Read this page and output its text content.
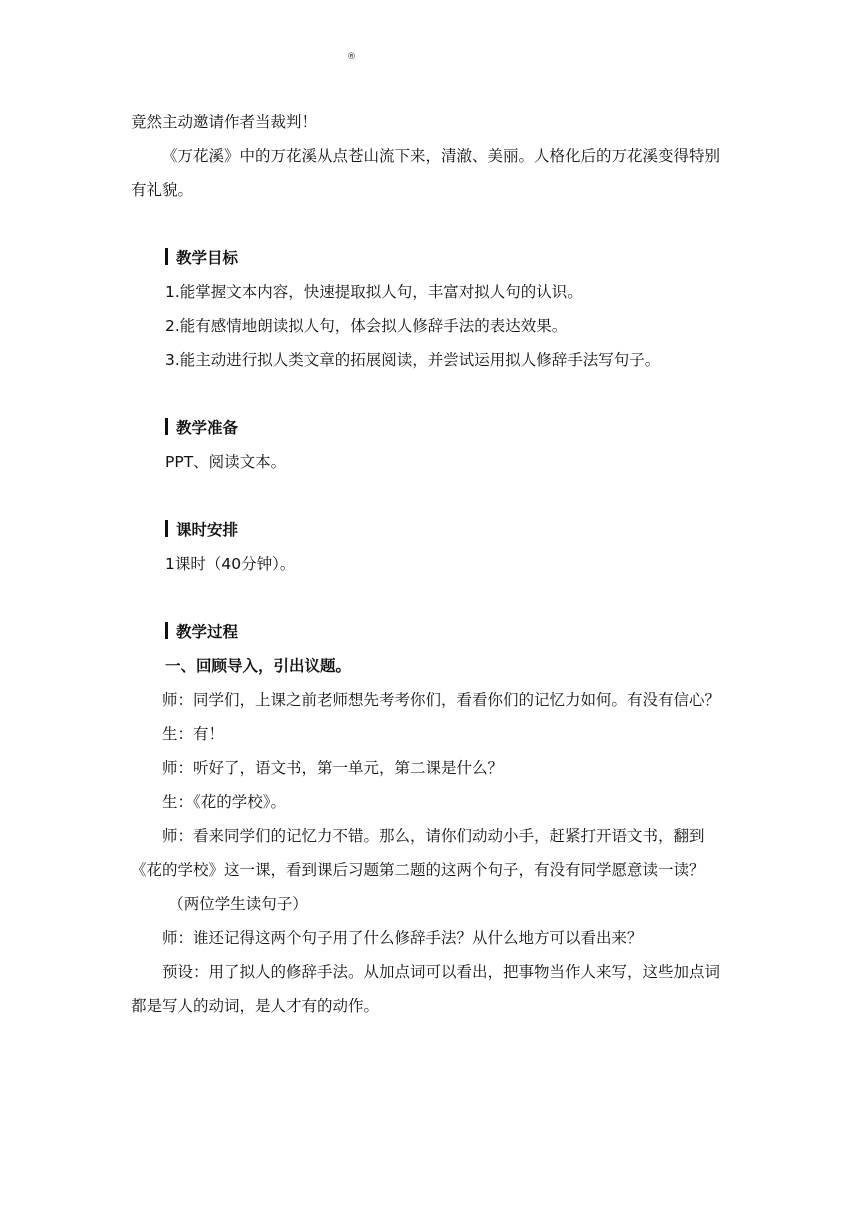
®

竟然主动邀请作者当裁判！

《万花溪》中的万花溪从点苍山流下来，清澈、美丽。人格化后的万花溪变得特别有礼貌。

教学目标

1.能掌握文本内容，快速提取拟人句，丰富对拟人句的认识。

2.能有感情地朗读拟人句，体会拟人修辞手法的表达效果。

3.能主动进行拟人类文章的拓展阅读，并尝试运用拟人修辞手法写句子。

教学准备

PPT、阅读文本。

课时安排

1课时（40分钟）。

教学过程

一、回顾导入，引出议题。

师：同学们，上课之前老师想先考考你们，看看你们的记忆力如何。有没有信心？

生：有！

师：听好了，语文书，第一单元，第二课是什么？

生：《花的学校》。

师：看来同学们的记忆力不错。那么，请你们动动小手，赶紧打开语文书，翻到《花的学校》这一课，看到课后习题第二题的这两个句子，有没有同学愿意读一读？

（两位学生读句子）

师：谁还记得这两个句子用了什么修辞手法？从什么地方可以看出来？

预设：用了拟人的修辞手法。从加点词可以看出，把事物当作人来写，这些加点词都是写人的动词，是人才有的动作。
